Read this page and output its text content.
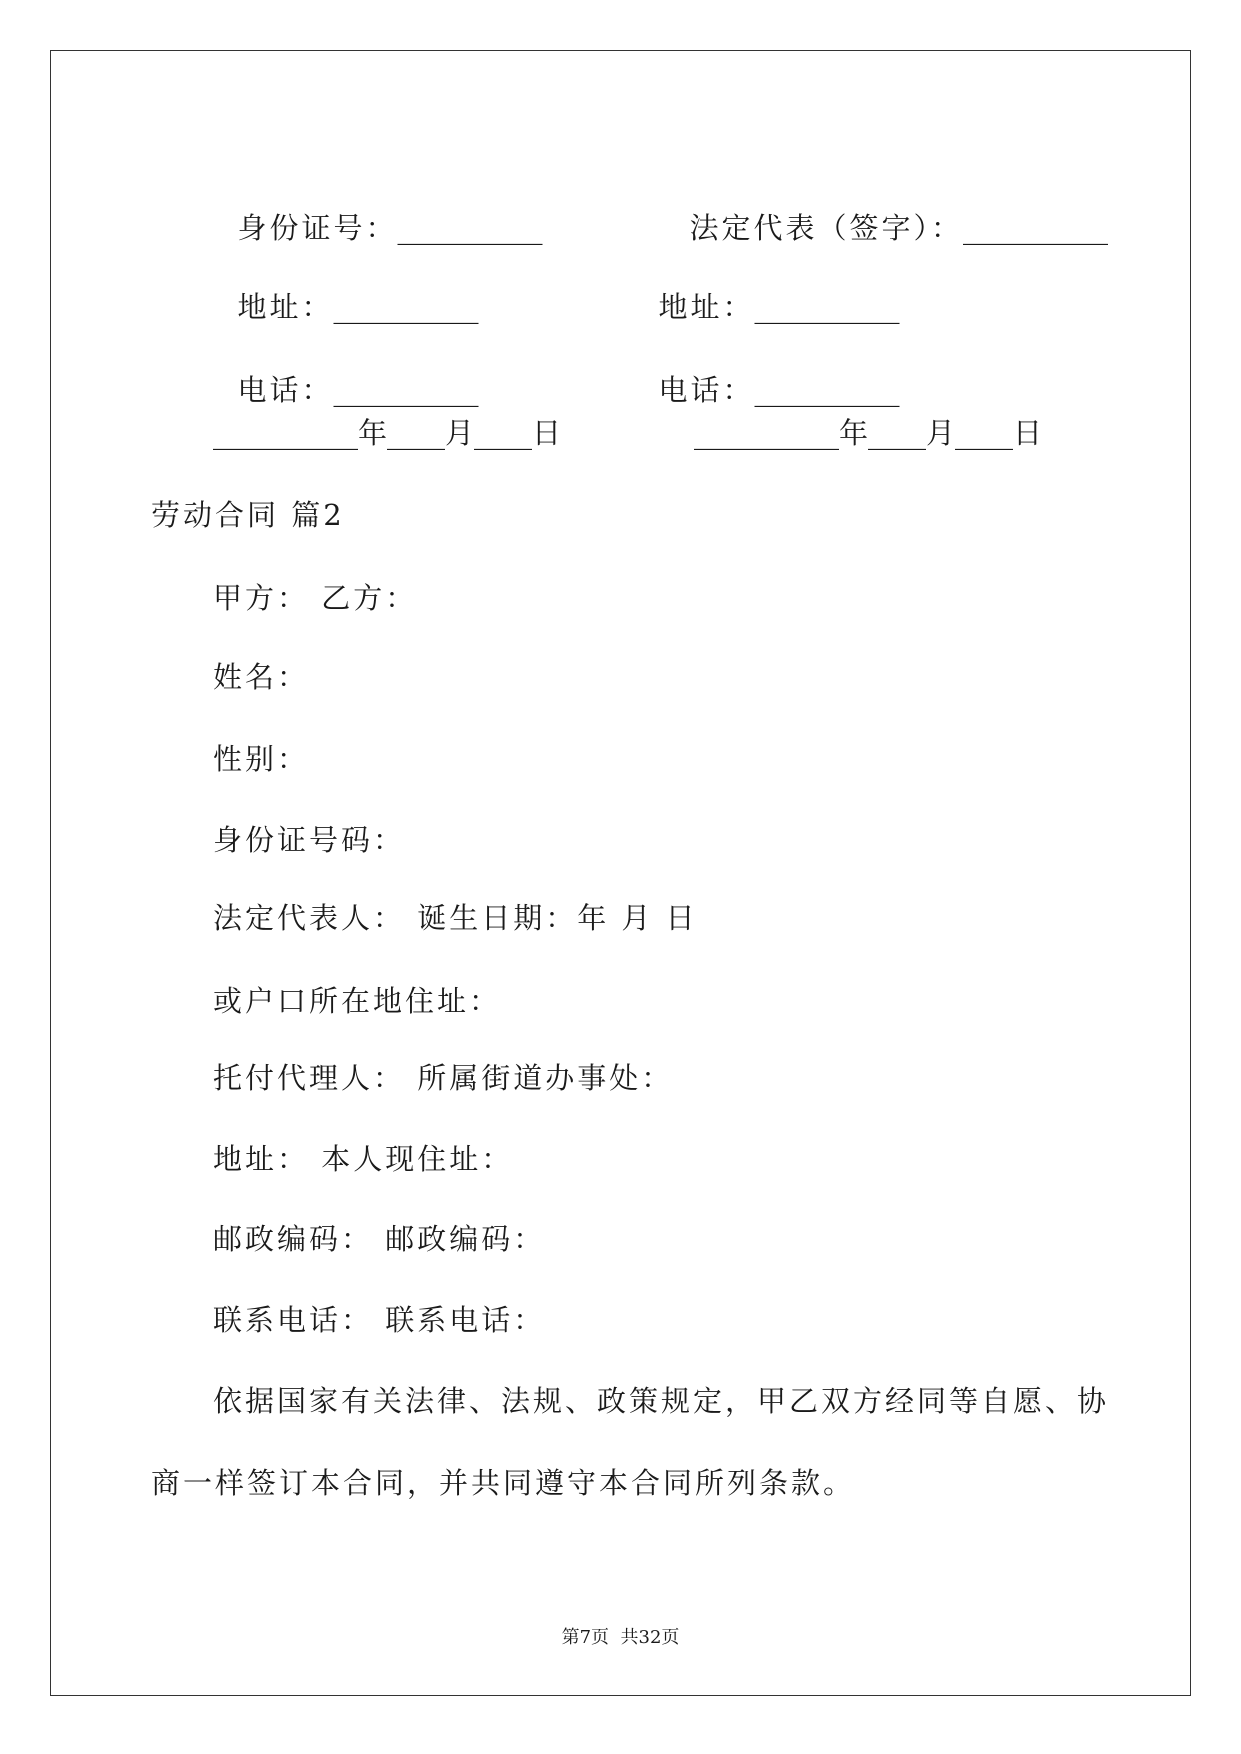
身份证号：__________	法定代表（签字）：__________

地址：__________	地址：__________

电话：__________	电话：__________

__________年____月____日	__________年____月____日
劳动合同 篇2
甲方： 乙方：
姓名：
性别：
身份证号码：
法定代表人： 诞生日期：年 月 日
或户口所在地住址：
托付代理人： 所属街道办事处：
地址： 本人现住址：
邮政编码： 邮政编码：
联系电话： 联系电话：
依据国家有关法律、法规、政策规定，甲乙双方经同等自愿、协
商一样签订本合同，并共同遵守本合同所列条款。
第7页  共32页
